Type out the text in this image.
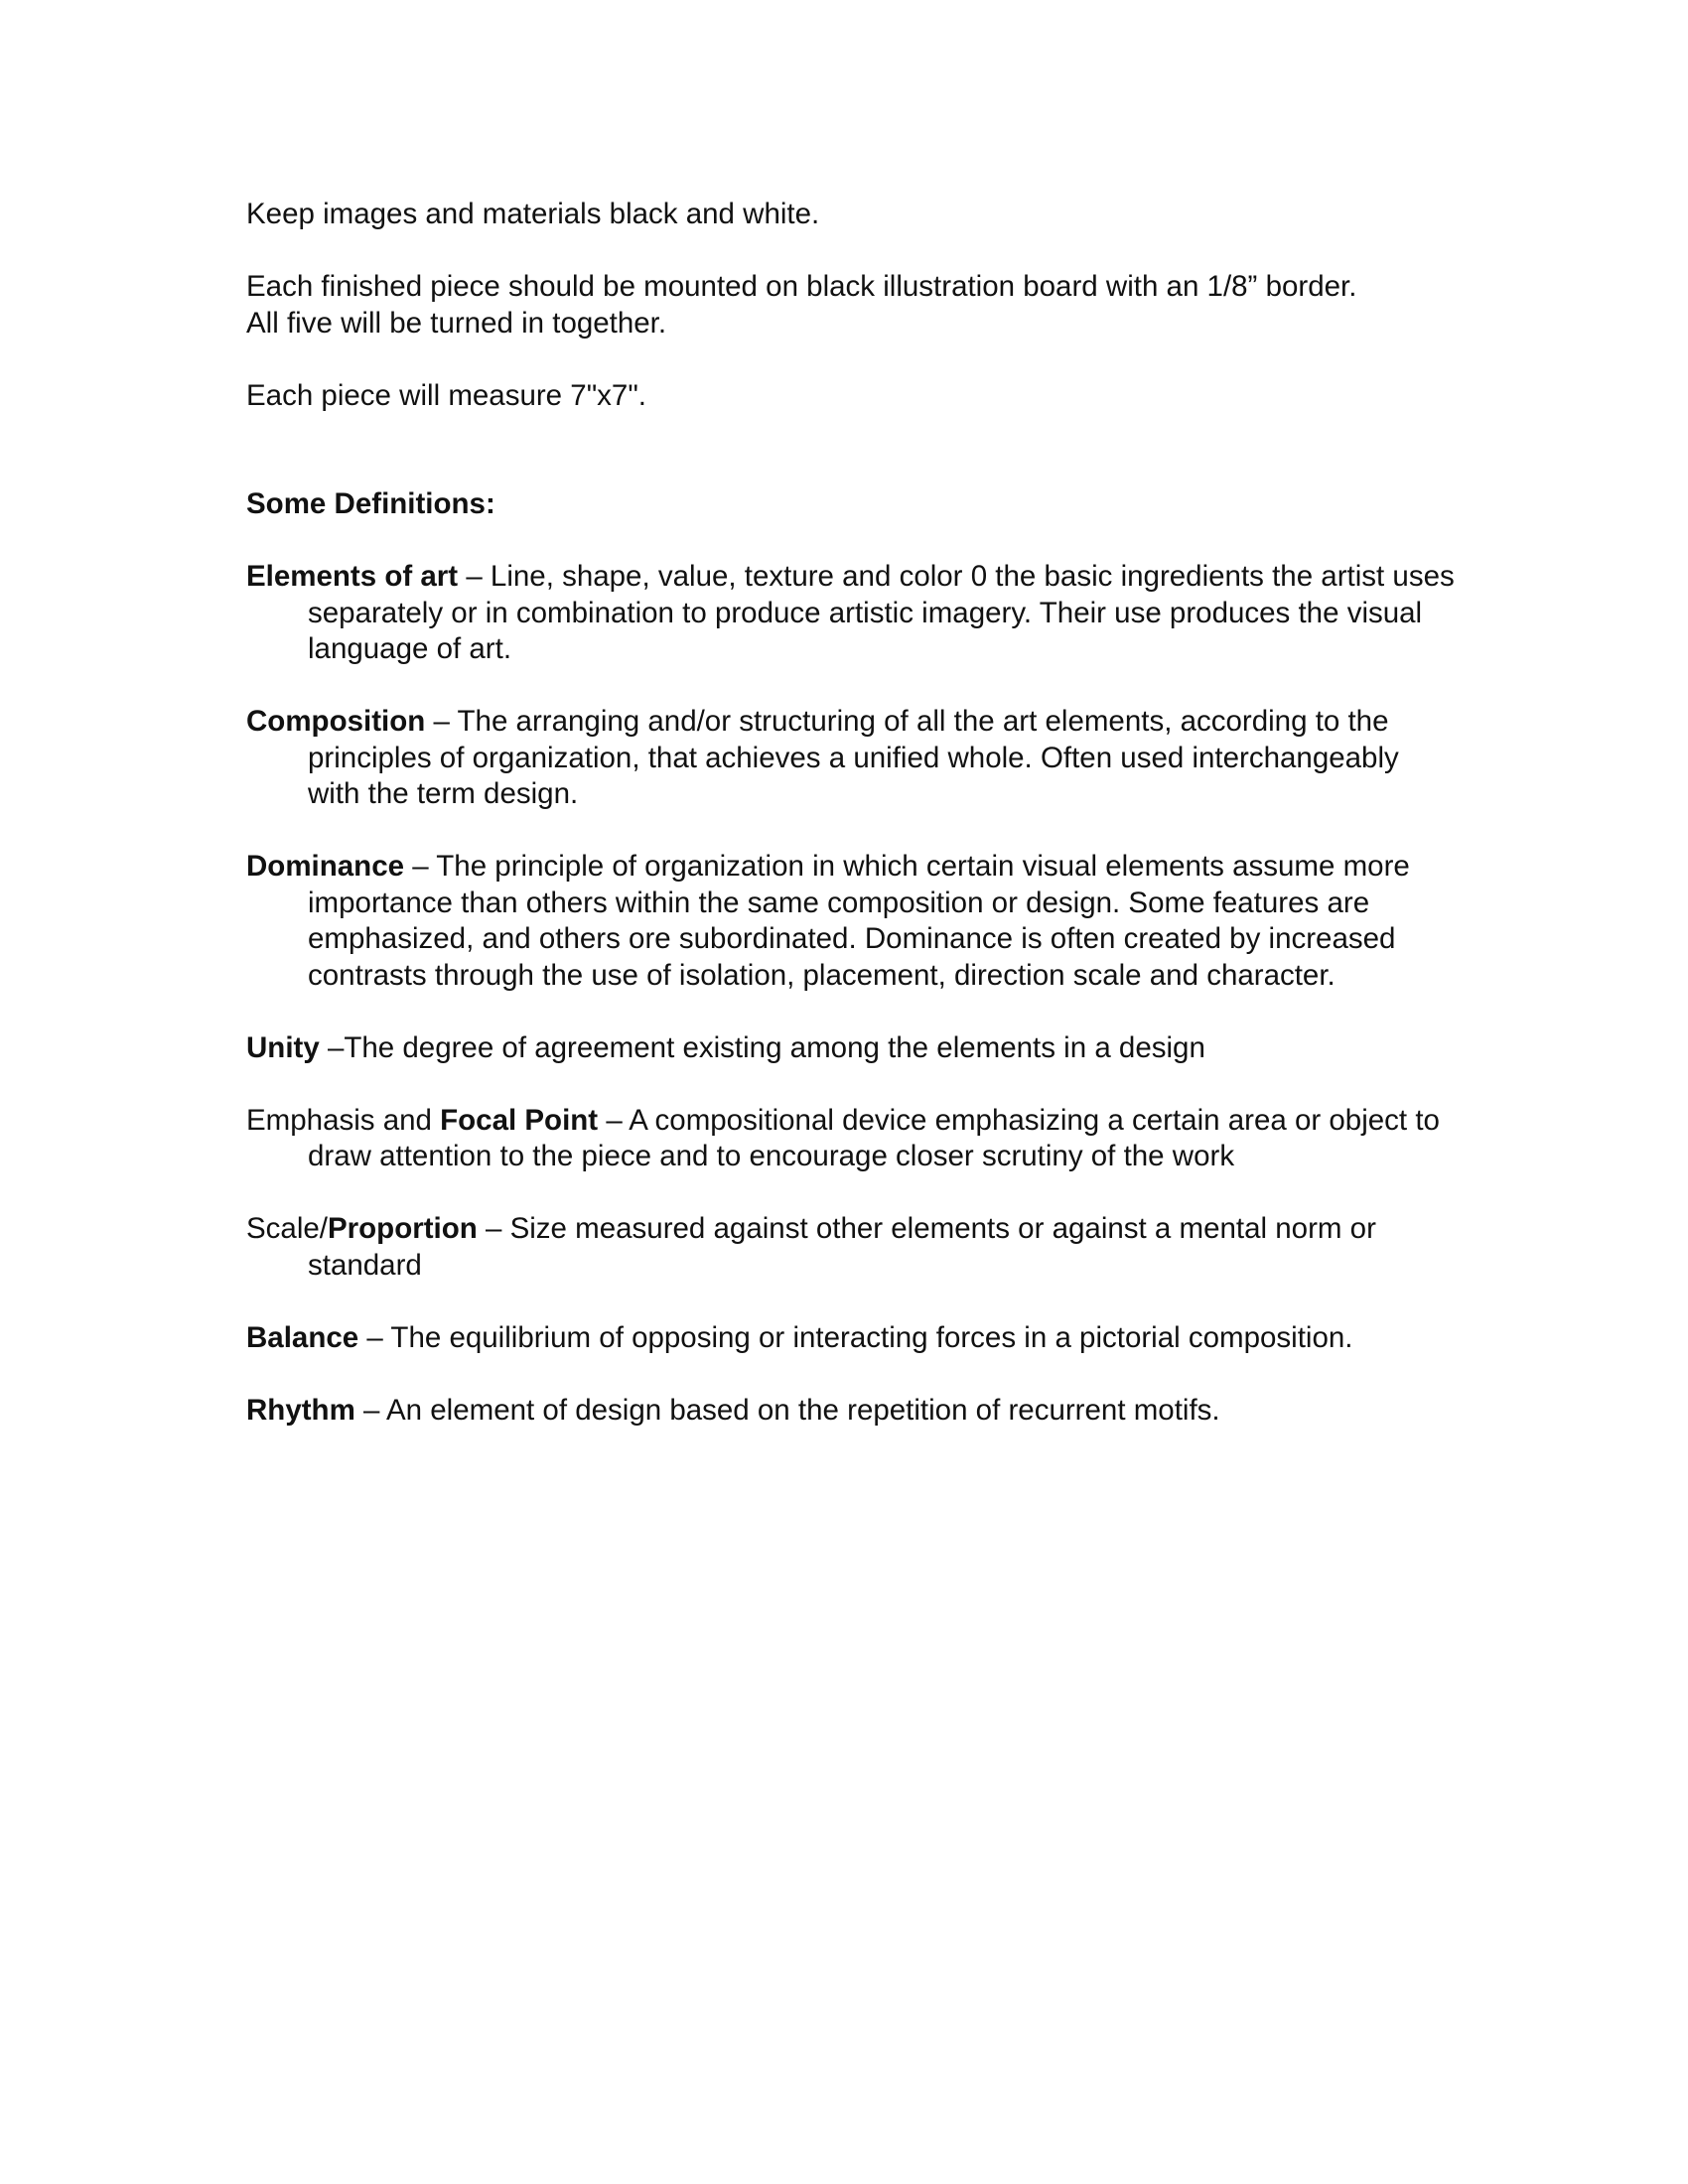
Keep images and materials black and white.

Each finished piece should be mounted on black illustration board with an 1/8” border.

All five will be turned in together.

Each piece will measure 7"x7".

Some Definitions:

Elements of art – Line, shape, value, texture and color 0 the basic ingredients the artist uses separately or in combination to produce artistic imagery. Their use produces the visual language of art.

Composition – The arranging and/or structuring of all the art elements, according to the principles of organization, that achieves a unified whole. Often used interchangeably with the term design.

Dominance – The principle of organization in which certain visual elements assume more importance than others within the same composition or design. Some features are emphasized, and others ore subordinated. Dominance is often created by increased contrasts through the use of isolation, placement, direction scale and character.

Unity –The degree of agreement existing among the elements in a design

Emphasis and Focal Point – A compositional device emphasizing a certain area or object to draw attention to the piece and to encourage closer scrutiny of the work

Scale/Proportion – Size measured against other elements or against a mental norm or standard

Balance – The equilibrium of opposing or interacting forces in a pictorial composition.

Rhythm – An element of design based on the repetition of recurrent motifs.
